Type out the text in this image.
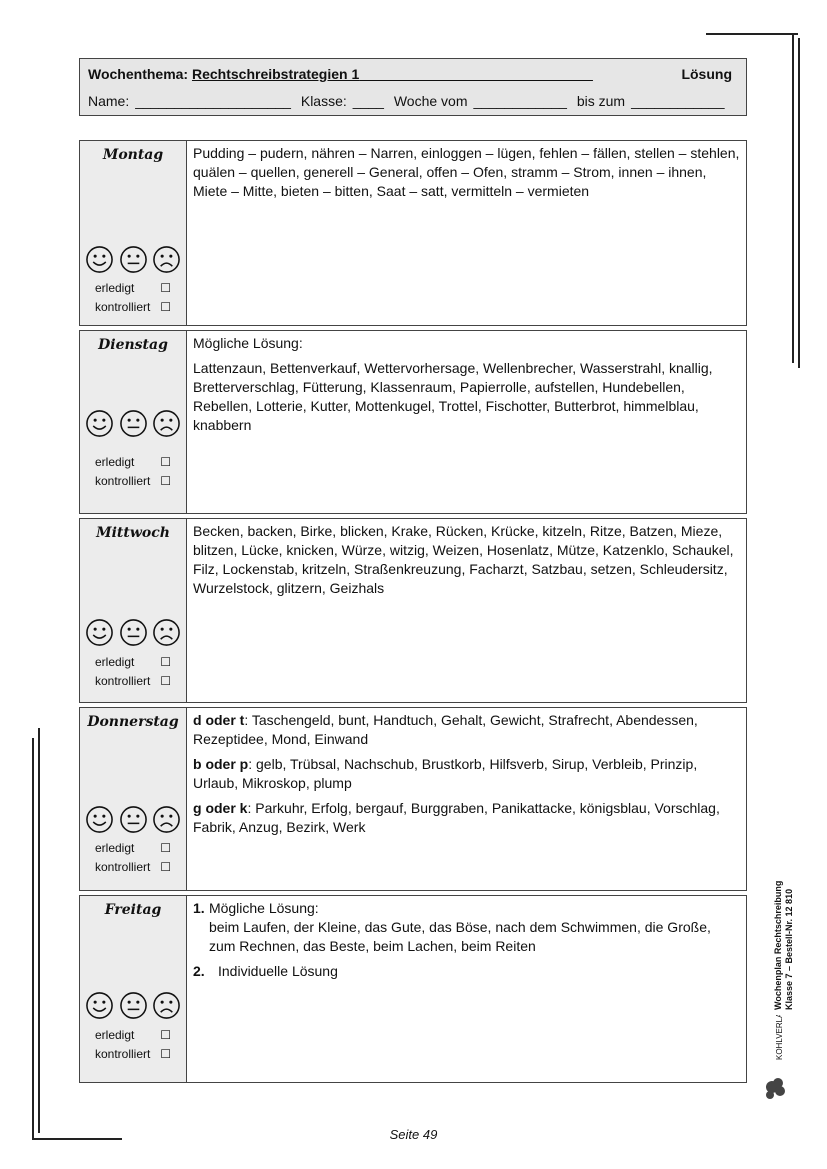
Wochenthema: Rechtschreibstrategien 1______________________________	Lösung
Name: ____________________ Klasse: ____ Woche vom ____________ bis zum ____________
Montag
erledigt ☐
kontrolliert ☐

Pudding – pudern, nähren – Narren, einloggen – lügen, fehlen – fällen, stellen – stehlen, quälen – quellen, generell – General, offen – Ofen, stramm – Strom, innen – ihnen, Miete – Mitte, bieten – bitten, Saat – satt, vermitteln – vermieten

Dienstag
erledigt ☐
kontrolliert ☐

Mögliche Lösung:

Lattenzaun, Bettenverkauf, Wettervorhersage, Wellenbrecher, Wasserstrahl, knallig, Bretterverschlag, Fütterung, Klassenraum, Papierrolle, aufstellen, Hundebellen, Rebellen, Lotterie, Kutter, Mottenkugel, Trottel, Fischotter, Butterbrot, himmelblau, knabbern

Mittwoch
erledigt ☐
kontrolliert ☐

Becken, backen, Birke, blicken, Krake, Rücken, Krücke, kitzeln, Ritze, Batzen, Mieze, blitzen, Lücke, knicken, Würze, witzig, Weizen, Hosenlatz, Mütze, Katzenklo, Schaukel, Filz, Lockenstab, kritzeln, Straßenkreuzung, Facharzt, Satzbau, setzen, Schleudersitz, Wurzelstock, glitzern, Geizhals

Donnerstag
erledigt ☐
kontrolliert ☐

d oder t: Taschengeld, bunt, Handtuch, Gehalt, Gewicht, Strafrecht, Abendessen, Rezeptidee, Mond, Einwand

b oder p: gelb, Trübsal, Nachschub, Brustkorb, Hilfsverb, Sirup, Verbleib, Prinzip, Urlaub, Mikroskop, plump

g oder k: Parkuhr, Erfolg, bergauf, Burggraben, Panikattacke, königsblau, Vorschlag, Fabrik, Anzug, Bezirk, Werk

Freitag
erledigt ☐
kontrolliert ☐
1. Mögliche Lösung:
beim Laufen, der Kleine, das Gute, das Böse, nach dem Schwimmen, die Große, zum Rechnen, das Beste, beim Lachen, beim Reiten
2. Individuelle Lösung	Wochenplan Rechtschreibung Klasse 7 – Bestell-Nr. 12 810
KOHLVERLAG
Seite 49
